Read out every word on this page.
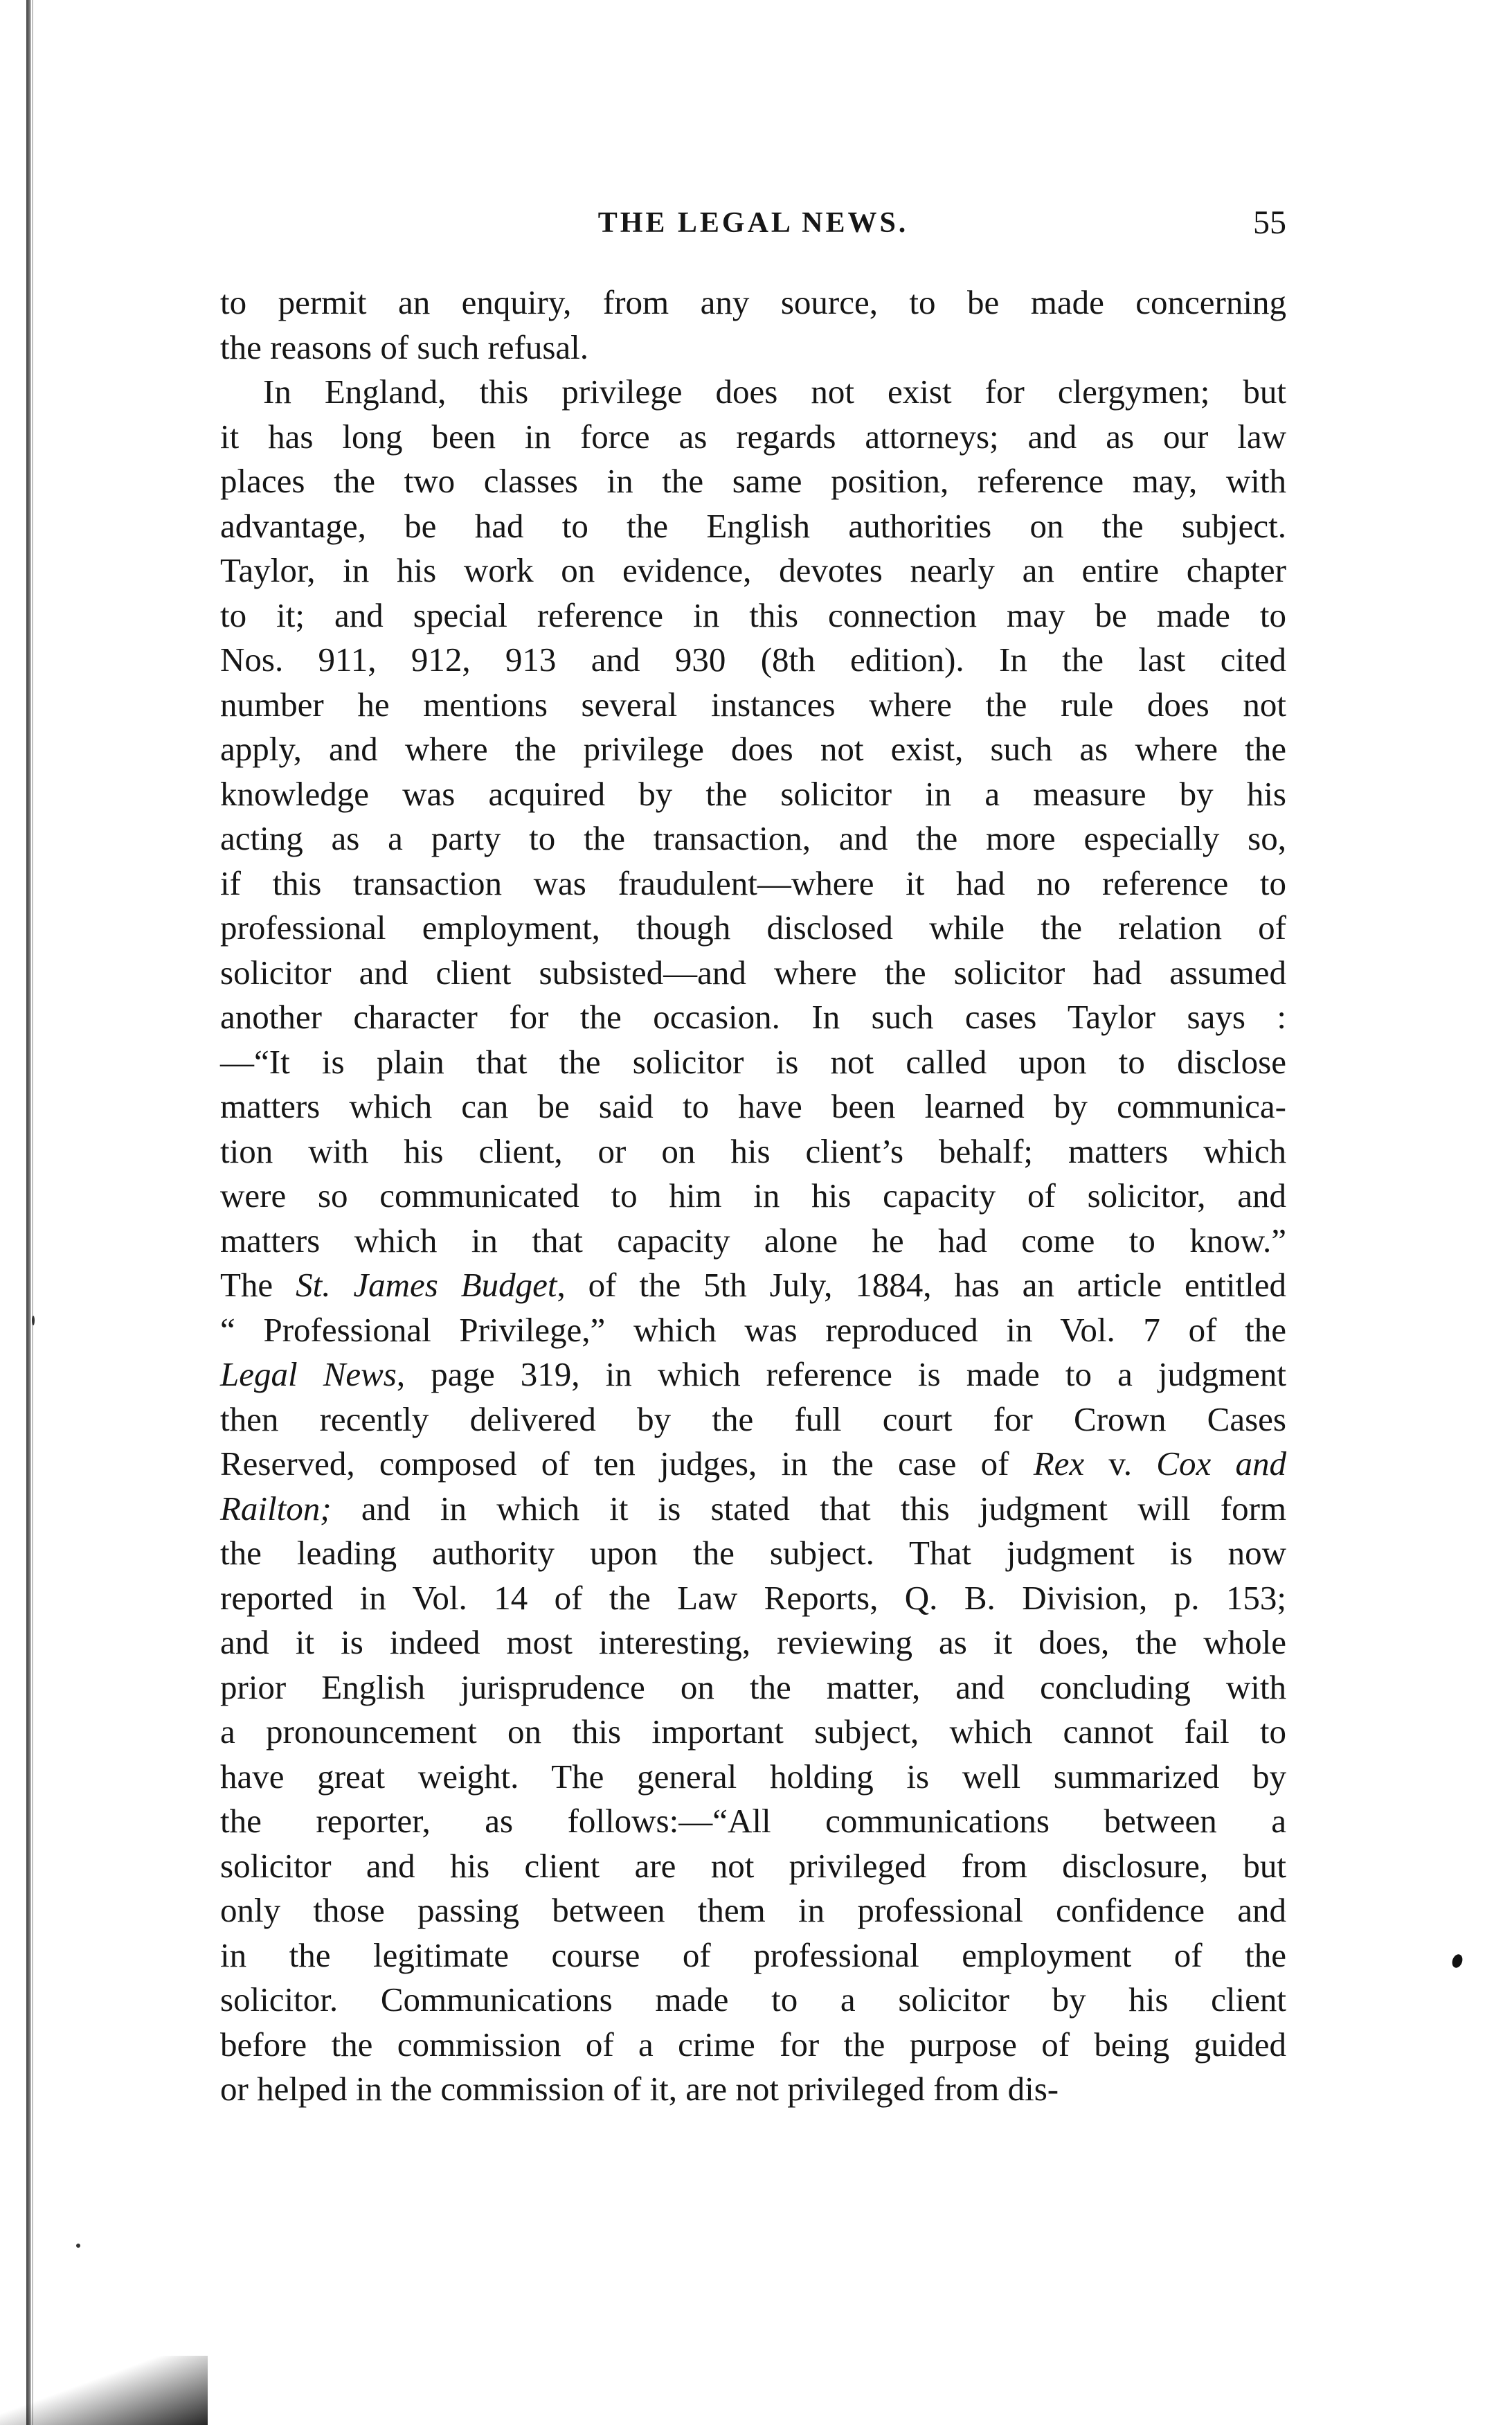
THE LEGAL NEWS.	55
to permit an enquiry, from any source, to be made concerning
the reasons of such refusal.
In England, this privilege does not exist for clergymen; but
it has long been in force as regards attorneys; and as our law
places the two classes in the same position, reference may, with
advantage, be had to the English authorities on the subject.
Taylor, in his work on evidence, devotes nearly an entire chapter
to it; and special reference in this connection may be made to
Nos. 911, 912, 913 and 930 (8th edition). In the last cited
number he mentions several instances where the rule does not
apply, and where the privilege does not exist, such as where the
knowledge was acquired by the solicitor in a measure by his
acting as a party to the transaction, and the more especially so,
if this transaction was fraudulent—where it had no reference to
professional employment, though disclosed while the relation of
solicitor and client subsisted—and where the solicitor had assumed
another character for the occasion. In such cases Taylor says :
—“It is plain that the solicitor is not called upon to disclose
matters which can be said to have been learned by communica-
tion with his client, or on his client’s behalf; matters which
were so communicated to him in his capacity of solicitor, and
matters which in that capacity alone he had come to know.”
The St. James Budget, of the 5th July, 1884, has an article entitled
“ Professional Privilege,” which was reproduced in Vol. 7 of the
Legal News, page 319, in which reference is made to a judgment
then recently delivered by the full court for Crown Cases
Reserved, composed of ten judges, in the case of Rex v. Cox and
Railton; and in which it is stated that this judgment will form
the leading authority upon the subject. That judgment is now
reported in Vol. 14 of the Law Reports, Q. B. Division, p. 153;
and it is indeed most interesting, reviewing as it does, the whole
prior English jurisprudence on the matter, and concluding with
a pronouncement on this important subject, which cannot fail to
have great weight. The general holding is well summarized by
the reporter, as follows:—“All communications between a
solicitor and his client are not privileged from disclosure, but
only those passing between them in professional confidence and
in the legitimate course of professional employment of the
solicitor. Communications made to a solicitor by his client
before the commission of a crime for the purpose of being guided
or helped in the commission of it, are not privileged from dis-
